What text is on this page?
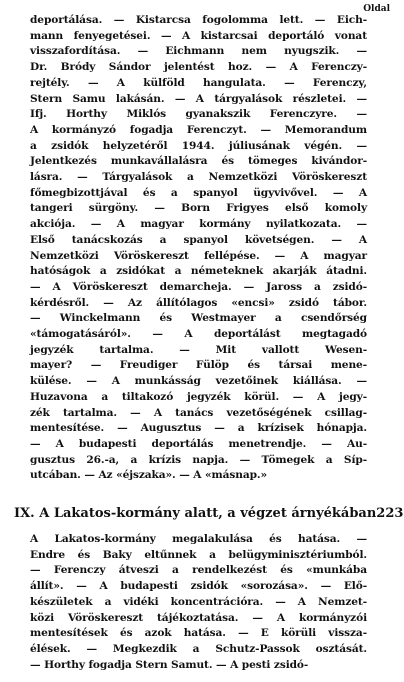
Oldal
deportálása. — Kistarcsa fogolomma lett. — Eich-
mann fenyegetései. — A kistarcsai deportáló vonat
visszafordítása. — Eichmann nem nyugszik. —
Dr. Bródy Sándor jelentést hoz. — A Ferenczy-
rejtély. — A külföld hangulata. — Ferenczy,
Stern Samu lakásán. — A tárgyalások részletei. —
Ifj. Horthy Miklós gyanakszik Ferenczyre. —
A kormányzó fogadja Ferenczyt. — Memorandum
a zsidók helyzetéről 1944. júliusának végén. —
Jelentkezés munkavállalásra és tömeges kivándor-
lásra. — Tárgyalások a Nemzetközi Vöröskereszt
főmegbizottjával és a spanyol ügyvivővel. — A
tangeri sürgöny. — Born Frigyes első komoly
akciója. — A magyar kormány nyilatkozata. —
Első tanácskozás a spanyol követségen. — A
Nemzetközi Vöröskereszt fellépése. — A magyar
hatóságok a zsidókat a németeknek akarják átadni.
— A Vöröskereszt demarcheja. — Jaross a zsidó-
kérdésről. — Az állítólagos «encsi» zsidó tábor.
— Winckelmann és Westmayer a csendőrség
«támogatásáról». — A deportálást megtagadó
jegyzék tartalma. — Mit vallott Wesen-
mayer? — Freudiger Fülöp és társai mene-
külése. — A munkásság vezetőinek kiállása. —
Huzavona a tiltakozó jegyzék körül. — A jegy-
zék tartalma. — A tanács vezetőségének csillag-
mentesítése. — Augusztus — a krízisek hónapja.
— A budapesti deportálás menetrendje. — Au-
gusztus 26.-a, a krízis napja. — Tömegek a Síp-
utcában. — Az «éjszaka». — A «másnap.»
IX. A Lakatos-kormány alatt, a végzet árnyékában 223
A Lakatos-kormány megalakulása és hatása. —
Endre és Baky eltűnnek a belügyminisztériumból.
— Ferenczy átveszi a rendelkezést és «munkába
állít». — A budapesti zsidók «sorozása». — Elő-
készületek a vidéki koncentrációra. — A Nemzet-
közi Vöröskereszt tájékoztatása. — A kormányzói
mentesítések és azok hatása. — E körüli vissza-
élések. — Megkezdik a Schutz-Passok osztását.
— Horthy fogadja Stern Samut. — A pesti zsidó-
